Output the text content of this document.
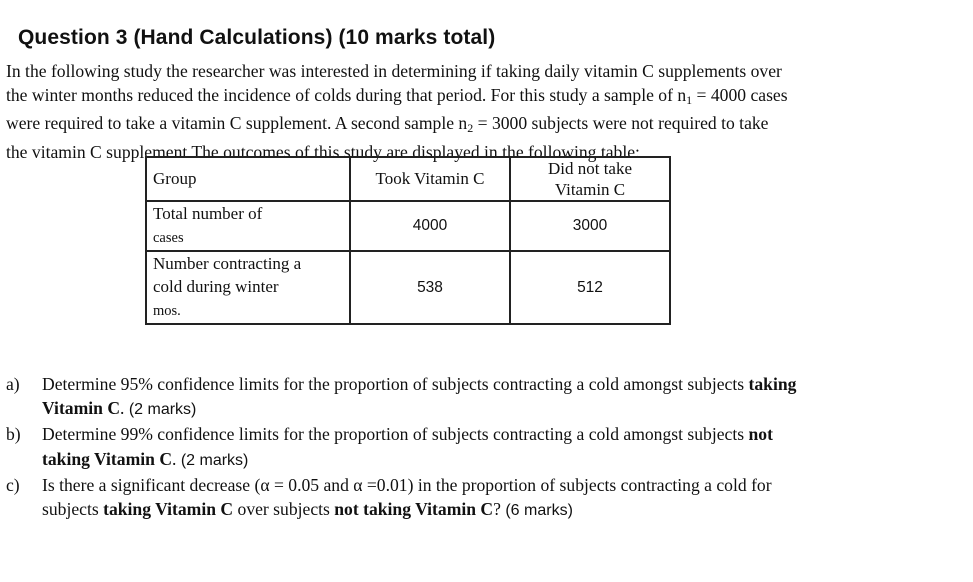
Question 3 (Hand Calculations) (10 marks total)
In the following study the researcher was interested in determining if taking daily vitamin C supplements over
the winter months reduced the incidence of colds during that period. For this study a sample of $n_1 = 4000$ cases
were required to take a vitamin C supplement. A second sample $n_2 = 3000$ subjects were not required to take
the vitamin C supplement The outcomes of this study are displayed in the following table:
Group	Took Vitamin C	Did not take
Vitamin C
Total number of
cases	4000	3000
Number contracting a
cold during winter
mos.	538	512
a) Determine 95% confidence limits for the proportion of subjects contracting a cold amongst subjects taking
Vitamin C. (2 marks)
b) Determine 99% confidence limits for the proportion of subjects contracting a cold amongst subjects not
taking Vitamin C. (2 marks)
c) Is there a significant decrease (α = 0.05 and α =0.01) in the proportion of subjects contracting a cold for
subjects taking Vitamin C over subjects not taking Vitamin C? (6 marks)
